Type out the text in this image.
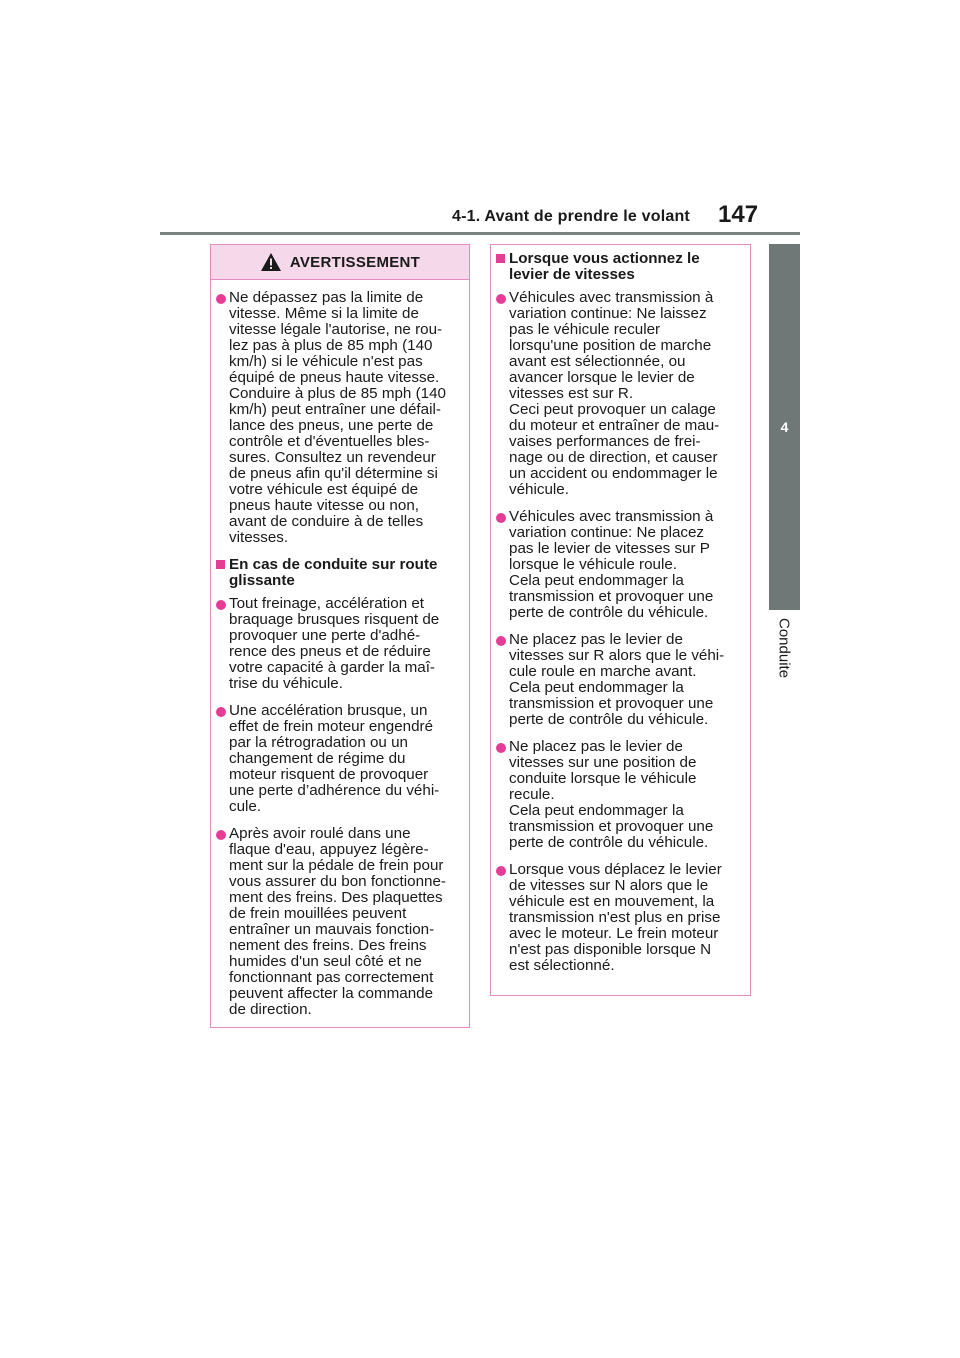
4-1. Avant de prendre le volant 147
4
Conduite
AVERTISSEMENT

Ne dépassez pas la limite de
vitesse. Même si la limite de
vitesse légale l'autorise, ne rou-
lez pas à plus de 85 mph (140
km/h) si le véhicule n'est pas
équipé de pneus haute vitesse.
Conduire à plus de 85 mph (140
km/h) peut entraîner une défail-
lance des pneus, une perte de
contrôle et d'éventuelles bles-
sures. Consultez un revendeur
de pneus afin qu'il détermine si
votre véhicule est équipé de
pneus haute vitesse ou non,
avant de conduire à de telles
vitesses.

En cas de conduite sur route
glissante

Tout freinage, accélération et
braquage brusques risquent de
provoquer une perte d'adhé-
rence des pneus et de réduire
votre capacité à garder la maî-
trise du véhicule.

Une accélération brusque, un
effet de frein moteur engendré
par la rétrogradation ou un
changement de régime du
moteur risquent de provoquer
une perte d’adhérence du véhi-
cule.

Après avoir roulé dans une
flaque d'eau, appuyez légère-
ment sur la pédale de frein pour
vous assurer du bon fonctionne-
ment des freins. Des plaquettes
de frein mouillées peuvent
entraîner un mauvais fonction-
nement des freins. Des freins
humides d'un seul côté et ne
fonctionnant pas correctement
peuvent affecter la commande
de direction.

Lorsque vous actionnez le
levier de vitesses

Véhicules avec transmission à
variation continue: Ne laissez
pas le véhicule reculer
lorsqu'une position de marche
avant est sélectionnée, ou
avancer lorsque le levier de
vitesses est sur R.
Ceci peut provoquer un calage
du moteur et entraîner de mau-
vaises performances de frei-
nage ou de direction, et causer
un accident ou endommager le
véhicule.

Véhicules avec transmission à
variation continue: Ne placez
pas le levier de vitesses sur P
lorsque le véhicule roule.
Cela peut endommager la
transmission et provoquer une
perte de contrôle du véhicule.

Ne placez pas le levier de
vitesses sur R alors que le véhi-
cule roule en marche avant.
Cela peut endommager la
transmission et provoquer une
perte de contrôle du véhicule.

Ne placez pas le levier de
vitesses sur une position de
conduite lorsque le véhicule
recule.
Cela peut endommager la
transmission et provoquer une
perte de contrôle du véhicule.

Lorsque vous déplacez le levier
de vitesses sur N alors que le
véhicule est en mouvement, la
transmission n'est plus en prise
avec le moteur. Le frein moteur
n'est pas disponible lorsque N
est sélectionné.
